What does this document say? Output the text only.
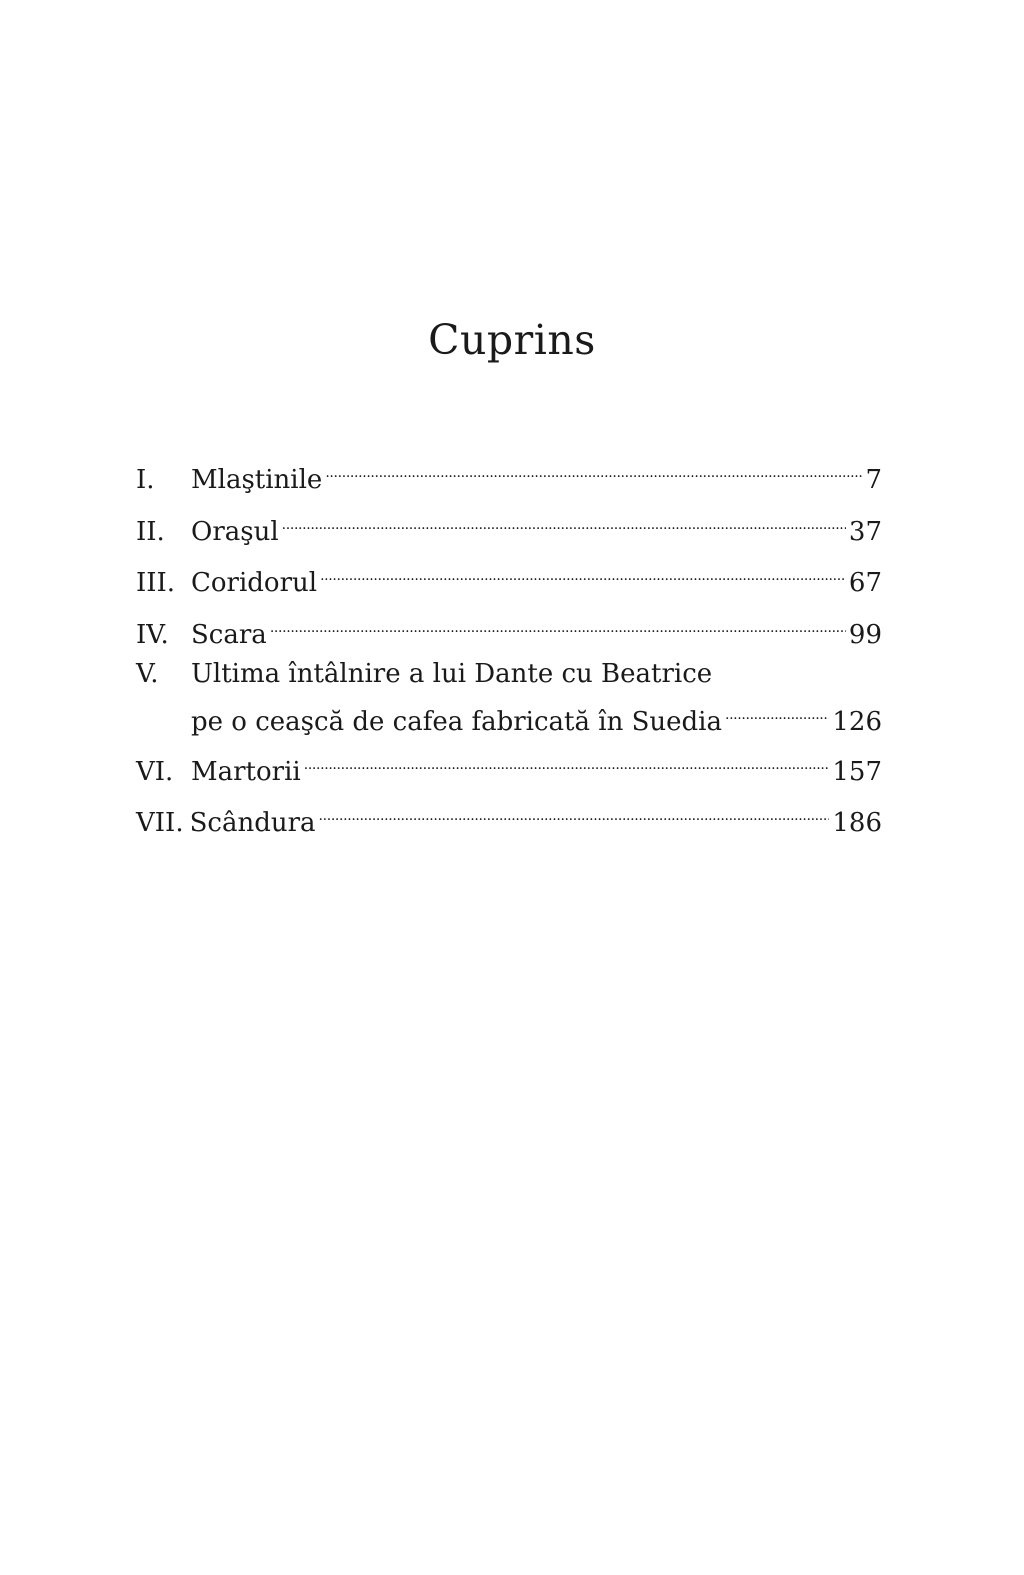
Cuprins
I.	Mlaştinile . . .	7
II.	Oraşul . . .	37
III. Coridorul . . .	67
IV. Scara . . .	99
V.	Ultima întâlnire a lui Dante cu Beatrice
pe o ceaşcă de cafea fabricată în Suedia . . .	126
VI. Martorii . . .	157
VII. Scândura . . .	186
